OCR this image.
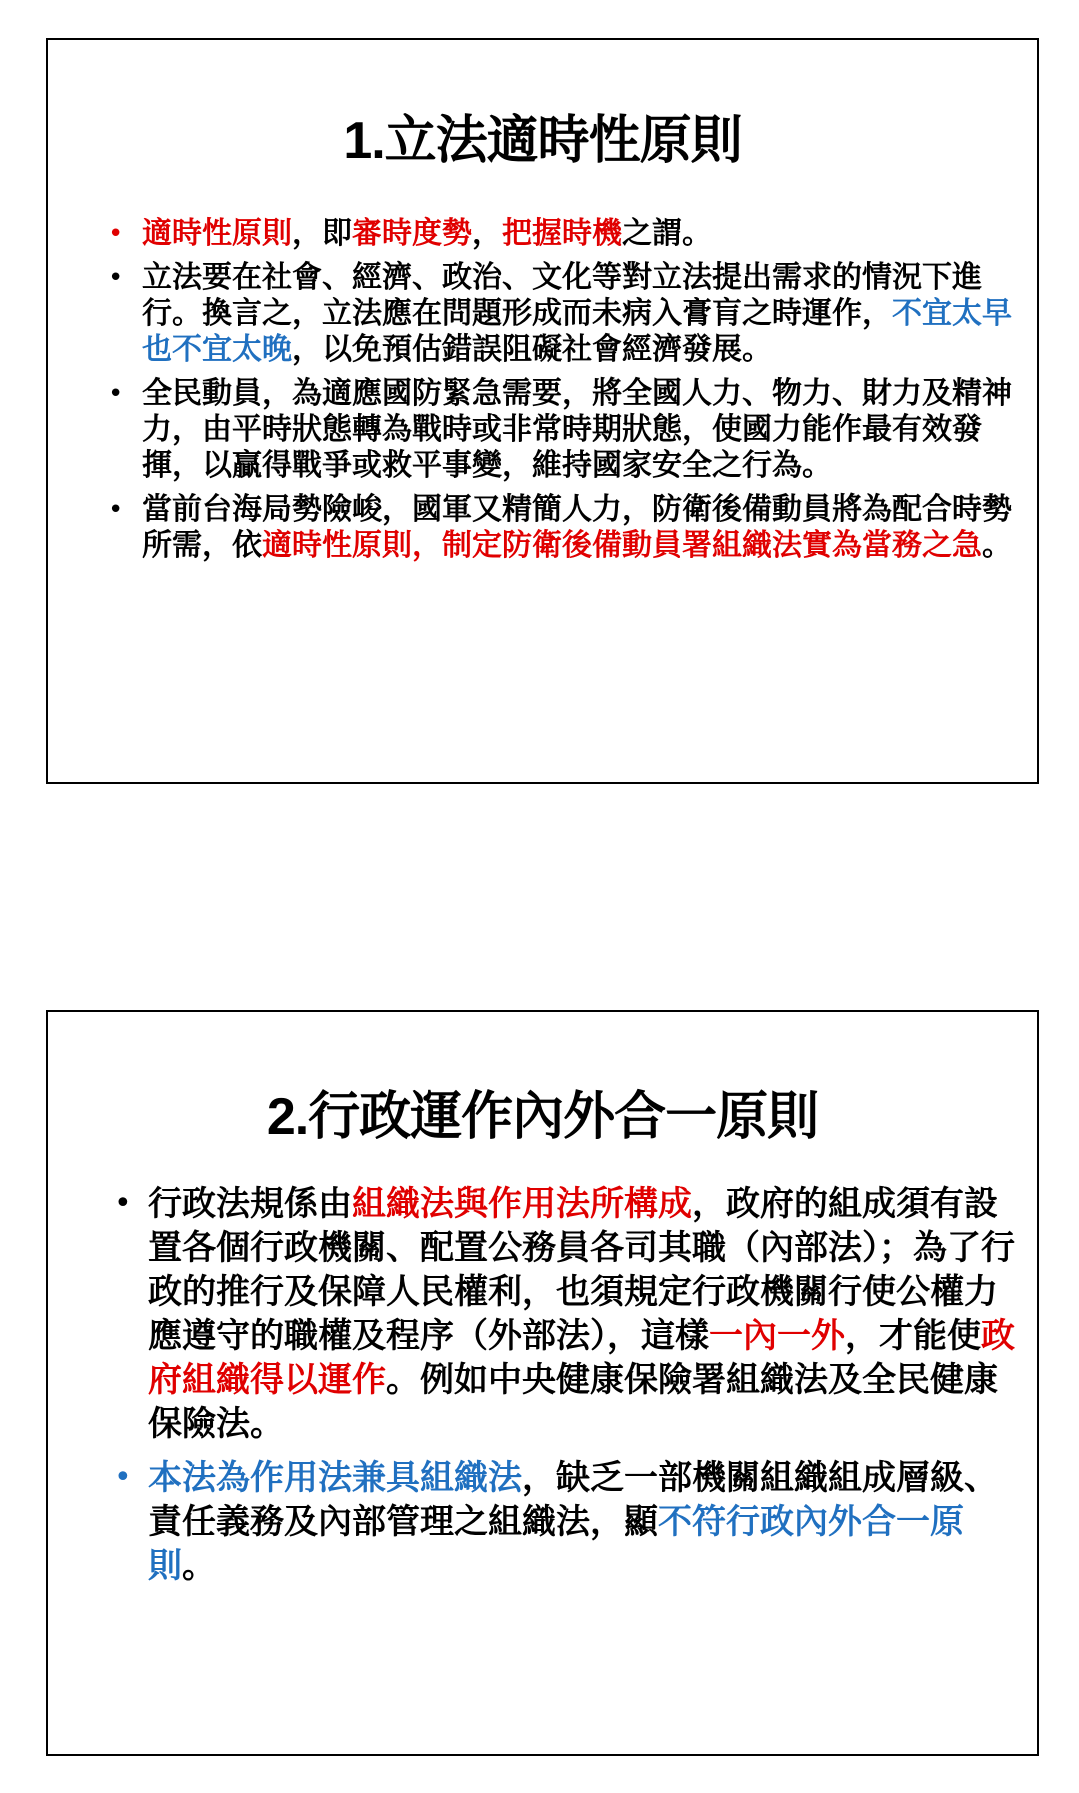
1.立法適時性原則
• 適時性原則，即審時度勢，把握時機之謂。
• 立法要在社會、經濟、政治、文化等對立法提出需求的情況下進行。換言之，立法應在問題形成而未病入膏肓之時運作，不宜太早也不宜太晚，以免預估錯誤阻礙社會經濟發展。
• 全民動員，為適應國防緊急需要，將全國人力、物力、財力及精神力，由平時狀態轉為戰時或非常時期狀態，使國力能作最有效發揮，以贏得戰爭或救平事變，維持國家安全之行為。
• 當前台海局勢險峻，國軍又精簡人力，防衛後備動員將為配合時勢所需，依適時性原則，制定防衛後備動員署組織法實為當務之急。
2.行政運作內外合一原則
• 行政法規係由組織法與作用法所構成，政府的組成須有設置各個行政機關、配置公務員各司其職（內部法）；為了行政的推行及保障人民權利，也須規定行政機關行使公權力應遵守的職權及程序（外部法），這樣一內一外，才能使政府組織得以運作。例如中央健康保險署組織法及全民健康保險法。
• 本法為作用法兼具組織法，缺乏一部機關組織組成層級、責任義務及內部管理之組織法，顯不符行政內外合一原則。
